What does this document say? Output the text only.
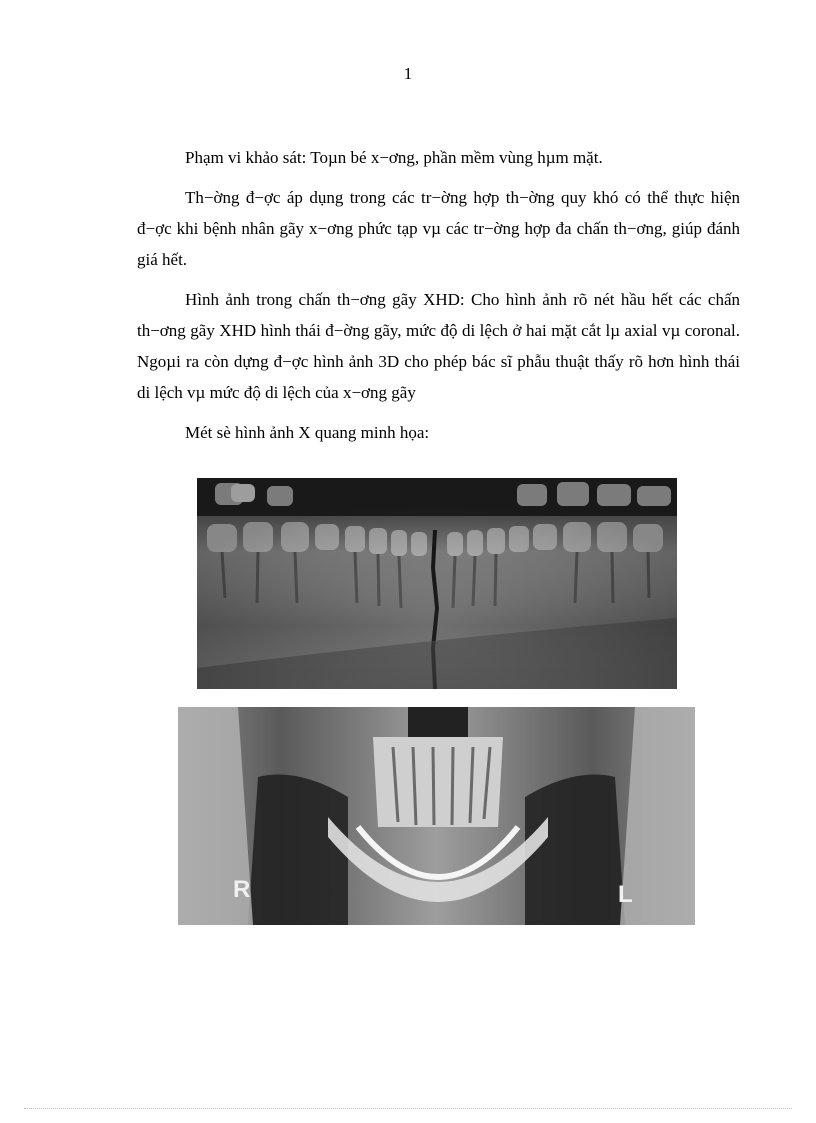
1

Phạm vi khảo sát: Toµn bé x−ơng, phần mềm vùng hµm mặt.

Th−ờng đ−ợc áp dụng trong các tr−ờng hợp th−ờng quy khó có thể thực hiện đ−ợc khi bệnh nhân gãy x−ơng phức tạp vµ các tr−ờng hợp đa chấn th−ơng, giúp đánh giá hết.

Hình ảnh trong chấn th−ơng gãy XHD: Cho hình ảnh rõ nét hầu hết các chấn th−ơng gãy XHD hình thái đ−ờng gãy, mức độ di lệch ở hai mặt cắt lµ axial vµ coronal. Ngoµi ra còn dựng đ−ợc hình ảnh 3D cho phép bác sĩ phẫu thuật thấy rõ hơn hình thái di lệch vµ mức độ di lệch của x−ơng gãy

Mét sè hình ảnh X quang minh họa:

R	L
